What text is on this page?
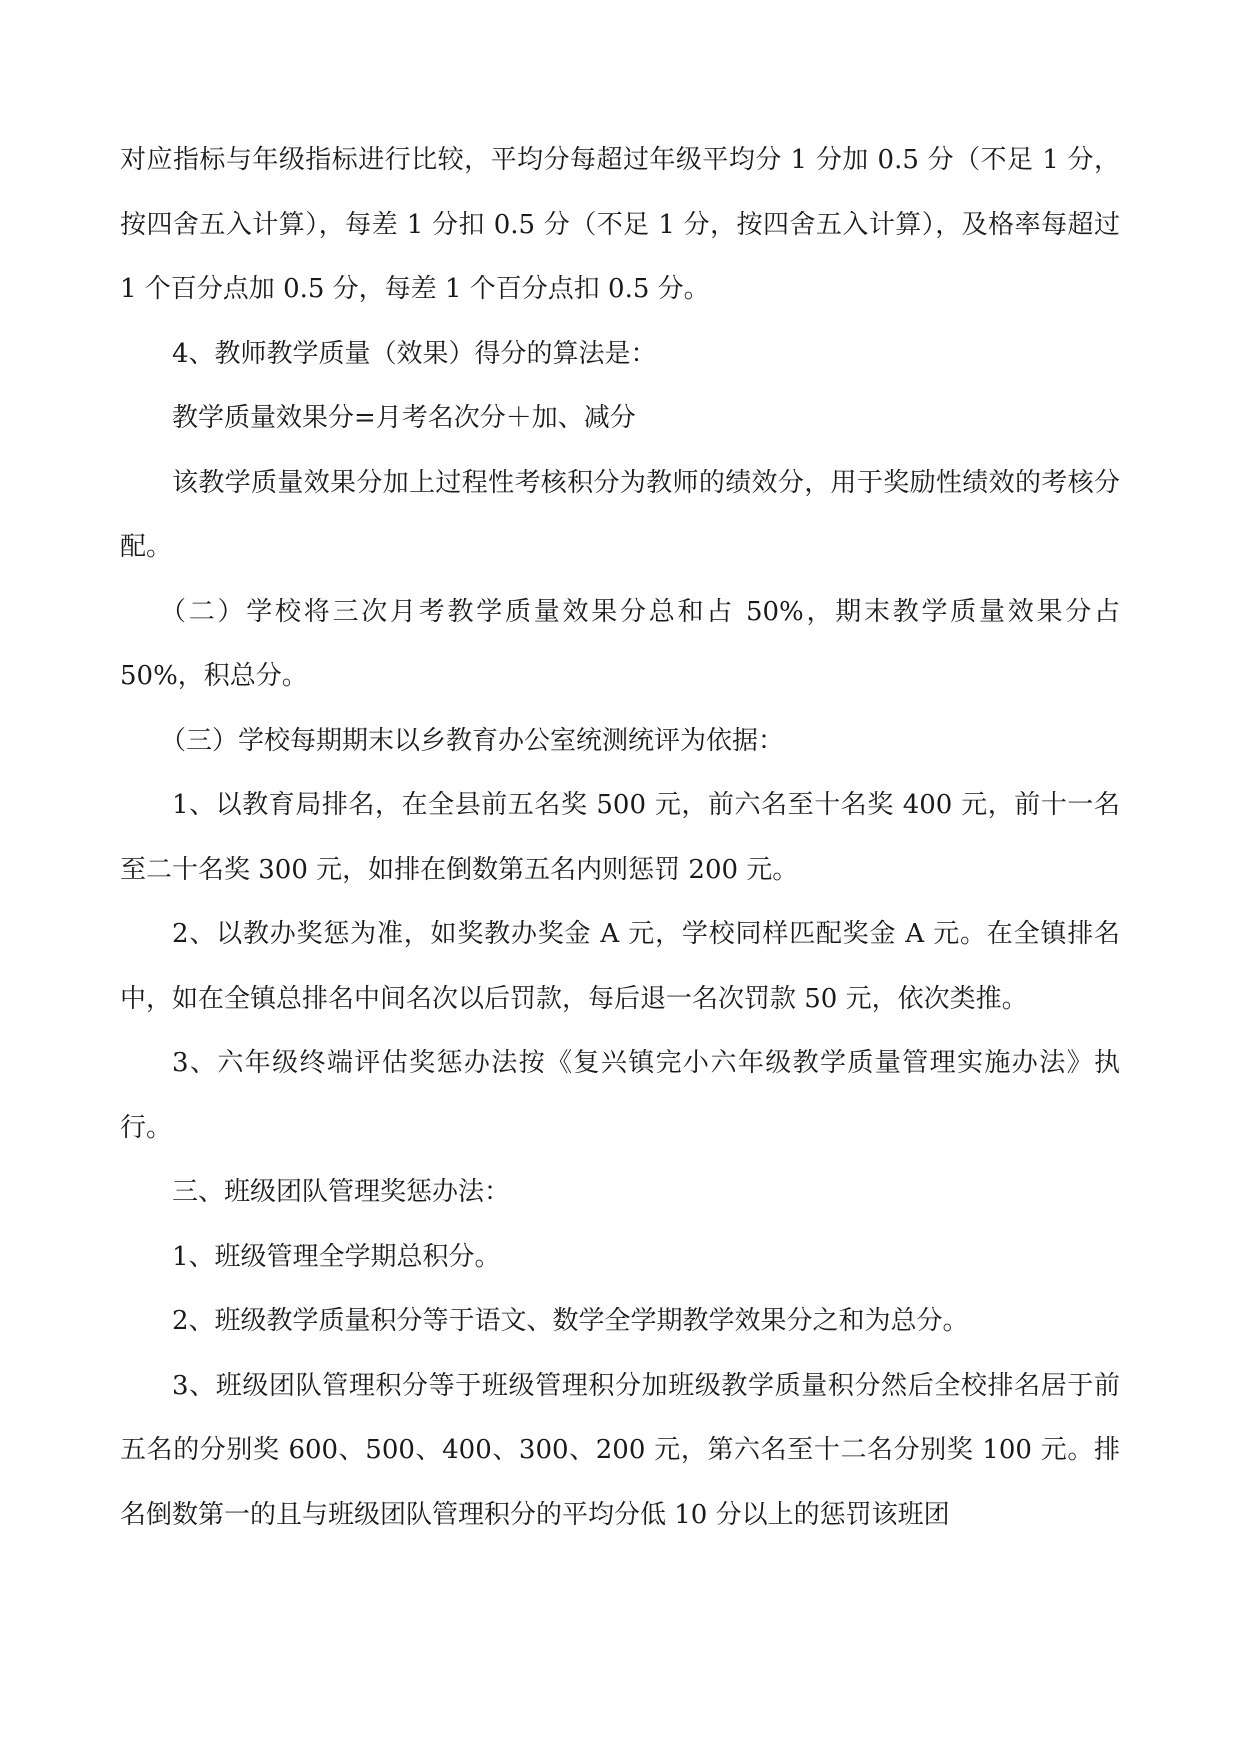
对应指标与年级指标进行比较，平均分每超过年级平均分 1 分加 0.5 分（不足 1 分，按四舍五入计算），每差 1 分扣 0.5 分（不足 1 分，按四舍五入计算），及格率每超过 1 个百分点加 0.5 分，每差 1 个百分点扣 0.5 分。

4、教师教学质量（效果）得分的算法是：

教学质量效果分=月考名次分＋加、减分

该教学质量效果分加上过程性考核积分为教师的绩效分，用于奖励性绩效的考核分配。

（二）学校将三次月考教学质量效果分总和占 50%，期末教学质量效果分占 50%，积总分。

（三）学校每期期末以乡教育办公室统测统评为依据：

1、以教育局排名，在全县前五名奖 500 元，前六名至十名奖 400 元，前十一名至二十名奖 300 元，如排在倒数第五名内则惩罚 200 元。

2、以教办奖惩为准，如奖教办奖金 A 元，学校同样匹配奖金 A 元。在全镇排名中，如在全镇总排名中间名次以后罚款，每后退一名次罚款 50 元，依次类推。

3、六年级终端评估奖惩办法按《复兴镇完小六年级教学质量管理实施办法》执行。

三、班级团队管理奖惩办法：

1、班级管理全学期总积分。

2、班级教学质量积分等于语文、数学全学期教学效果分之和为总分。

3、班级团队管理积分等于班级管理积分加班级教学质量积分然后全校排名居于前五名的分别奖 600、500、400、300、200 元，第六名至十二名分别奖 100 元。排名倒数第一的且与班级团队管理积分的平均分低 10 分以上的惩罚该班团
